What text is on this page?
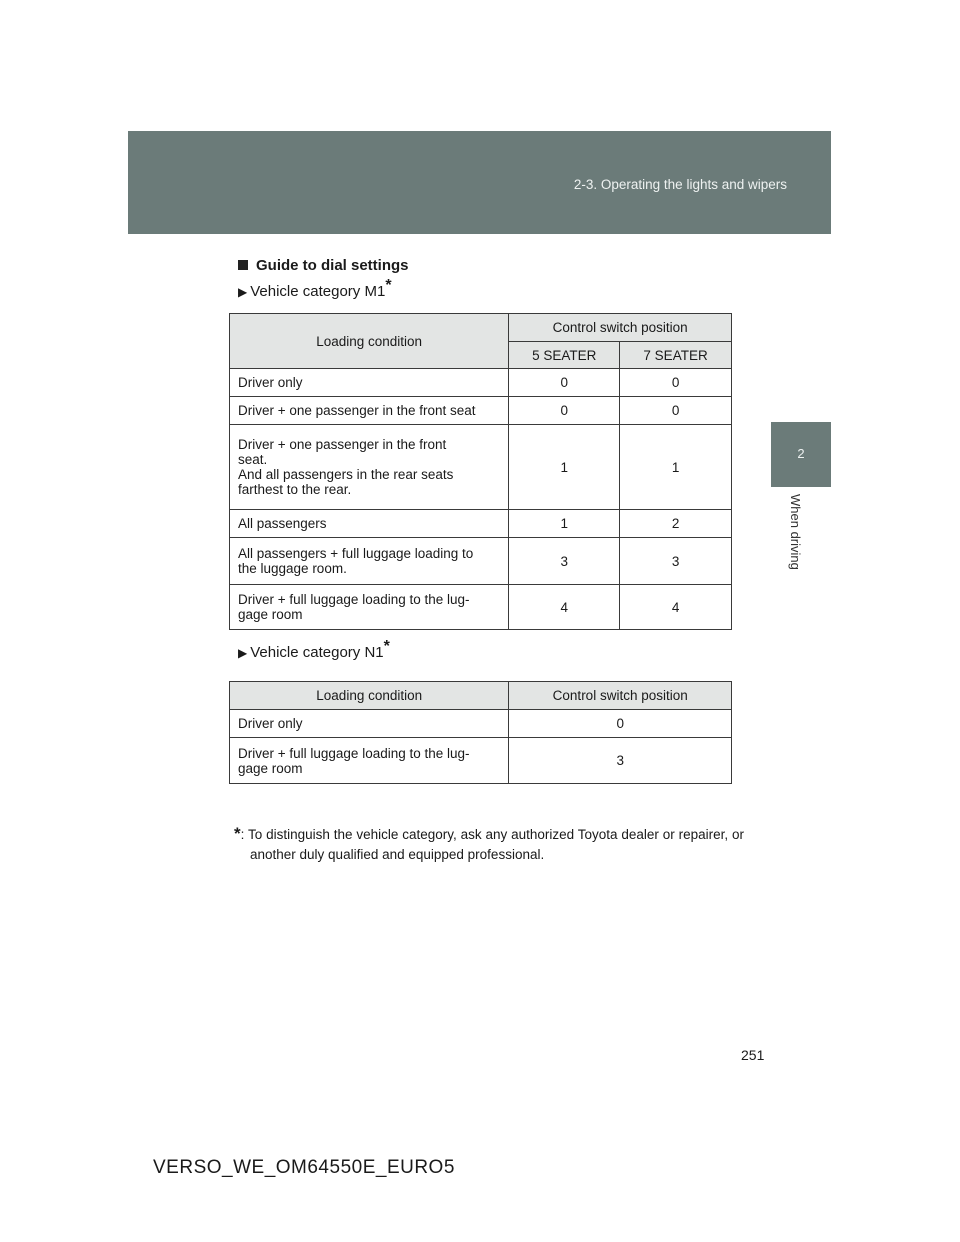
2-3. Operating the lights and wipers
2
When driving
Guide to dial settings
▶ Vehicle category M1*
Loading condition	Control switch position	
	5 SEATER	7 SEATER
Driver only	0	0
Driver + one passenger in the front seat	0	0
Driver + one passenger in the front
seat.
And all passengers in the rear seats
farthest to the rear.	1	1
All passengers	1	2
All passengers + full luggage loading to
the luggage room.	3	3
Driver + full luggage loading to the lug-
gage room	4	4
▶ Vehicle category N1*
Loading condition	Control switch position
Driver only	0
Driver + full luggage loading to the lug-
gage room	3
*: To distinguish the vehicle category, ask any authorized Toyota dealer or repairer, or another duly qualified and equipped professional.
251
VERSO_WE_OM64550E_EURO5
